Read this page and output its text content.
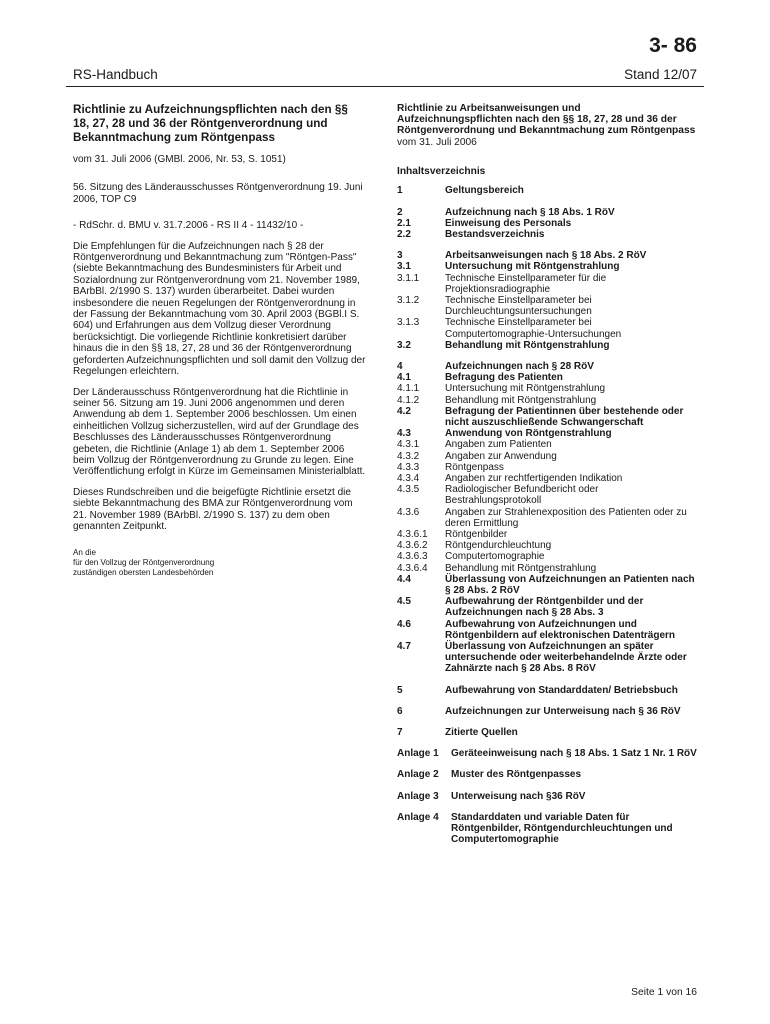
3- 86
RS-Handbuch	Stand 12/07

Richtlinie zu Aufzeichnungspflichten nach den §§ 18, 27, 28 und 36 der Röntgenverordnung und Bekanntmachung zum Röntgenpass

vom 31. Juli 2006 (GMBl. 2006, Nr. 53, S. 1051)

56. Sitzung des Länderausschusses Röntgenverordnung 19. Juni 2006, TOP C9

- RdSchr. d. BMU v. 31.7.2006 - RS II 4 - 11432/10 -

Die Empfehlungen für die Aufzeichnungen nach § 28 der Röntgenverordnung und Bekanntmachung zum "Röntgen-Pass" (siebte Bekanntmachung des Bundesministers für Arbeit und Sozialordnung zur Röntgenverordnung vom 21. November 1989, BArbBl. 2/1990 S. 137) wurden überarbeitet. Dabei wurden insbesondere die neuen Regelungen der Röntgenverordnung in der Fassung der Bekanntmachung vom 30. April 2003 (BGBl.I S. 604) und Erfahrungen aus dem Vollzug dieser Verordnung berücksichtigt. Die vorliegende Richtlinie konkretisiert darüber hinaus die in den §§ 18, 27, 28 und 36 der Röntgenverordnung geforderten Aufzeichnungspflichten und soll damit den Vollzug der Regelungen erleichtern.

Der Länderausschuss Röntgenverordnung hat die Richtlinie in seiner 56. Sitzung am 19. Juni 2006 angenommen und deren Anwendung ab dem 1. September 2006 beschlossen. Um einen einheitlichen Vollzug sicherzustellen, wird auf der Grundlage des Beschlusses des Länderausschusses Röntgenverordnung gebeten, die Richtlinie (Anlage 1) ab dem 1. September 2006 beim Vollzug der Röntgenverordnung zu Grunde zu legen. Eine Veröffentlichung erfolgt in Kürze im Gemeinsamen Ministerialblatt.

Dieses Rundschreiben und die beigefügte Richtlinie ersetzt die siebte Bekanntmachung des BMA zur Röntgenverordnung vom 21. November 1989 (BArbBl. 2/1990 S. 137) zu dem oben genannten Zeitpunkt.

An die

für den Vollzug der Röntgenverordnung

zuständigen obersten Landesbehörden

Richtlinie zu Arbeitsanweisungen und Aufzeichnungspflichten nach den §§ 18, 27, 28 und 36 der Röntgenverordnung und Bekanntmachung zum Röntgenpass

vom 31. Juli 2006

Inhaltsverzeichnis

1	Geltungsbereich
2	Aufzeichnung nach § 18 Abs. 1 RöV
2.1	Einweisung des Personals
2.2	Bestandsverzeichnis
3	Arbeitsanweisungen nach § 18 Abs. 2 RöV
3.1	Untersuchung mit Röntgenstrahlung
3.1.1	Technische Einstellparameter für die Projektionsradiographie
3.1.2	Technische Einstellparameter bei Durchleuchtungsuntersuchungen
3.1.3	Technische Einstellparameter bei Computertomographie-Untersuchungen
3.2	Behandlung mit Röntgenstrahlung
4	Aufzeichnungen nach § 28 RöV
4.1	Befragung des Patienten
4.1.1	Untersuchung mit Röntgenstrahlung
4.1.2	Behandlung mit Röntgenstrahlung
4.2	Befragung der Patientinnen über bestehende oder nicht auszuschließende Schwangerschaft
4.3	Anwendung von Röntgenstrahlung
4.3.1	Angaben zum Patienten
4.3.2	Angaben zur Anwendung
4.3.3	Röntgenpass
4.3.4	Angaben zur rechtfertigenden Indikation
4.3.5	Radiologischer Befundbericht oder Bestrahlungsprotokoll
4.3.6	Angaben zur Strahlenexposition des Patienten oder zu deren Ermittlung
4.3.6.1	Röntgenbilder
4.3.6.2	Röntgendurchleuchtung
4.3.6.3	Computertomographie
4.3.6.4	Behandlung mit Röntgenstrahlung
4.4	Überlassung von Aufzeichnungen an Patienten nach § 28 Abs. 2 RöV
4.5	Aufbewahrung der Röntgenbilder und der Aufzeichnungen nach § 28 Abs. 3
4.6	Aufbewahrung von Aufzeichnungen und Röntgenbildern auf elektronischen Datenträgern
4.7	Überlassung von Aufzeichnungen an später untersuchende oder weiterbehandelnde Ärzte oder Zahnärzte nach § 28 Abs. 8 RöV
5	Aufbewahrung von Standarddaten/ Betriebsbuch
6	Aufzeichnungen zur Unterweisung nach § 36 RöV
7	Zitierte Quellen
Anlage 1	Geräteeinweisung nach § 18 Abs. 1 Satz 1 Nr. 1 RöV
Anlage 2	Muster des Röntgenpasses
Anlage 3	Unterweisung nach §36 RöV
Anlage 4	Standarddaten und variable Daten für Röntgenbilder, Röntgendurchleuchtungen und Computertomographie
Seite 1 von 16
